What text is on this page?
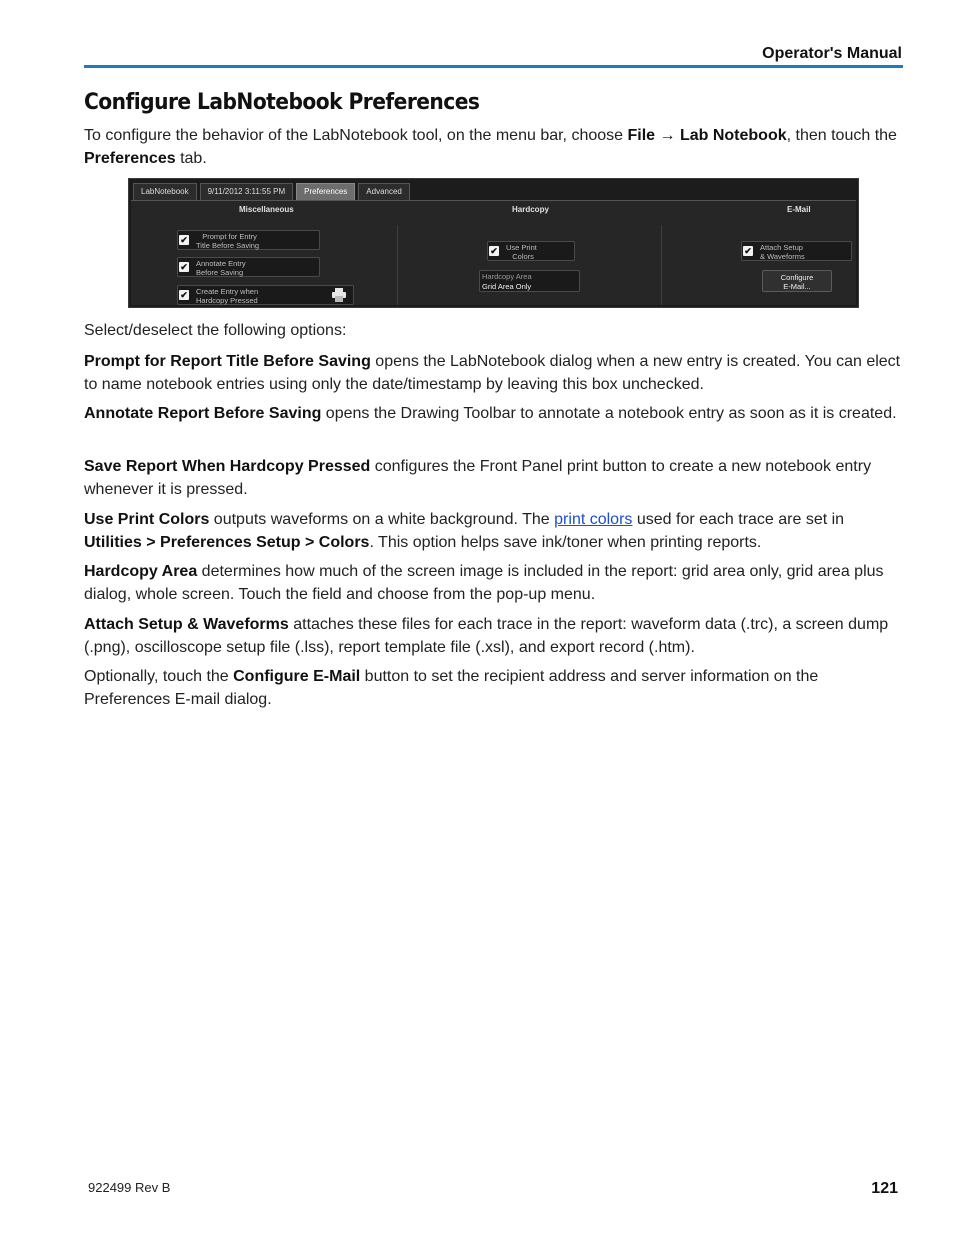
Operator's Manual
Configure LabNotebook Preferences

To configure the behavior of the LabNotebook tool, on the menu bar, choose File → Lab Notebook, then touch the Preferences tab.

LabNotebook	9/11/2012 3:11:55 PM	Preferences	Advanced
Miscellaneous	Hardcopy	E-Mail
✔	Prompt for Entry
Title Before Saving
✔ Annotate Entry
Before Saving
✔ Create Entry when
Hardcopy Pressed
✔ Use Print
Colors
Hardcopy Area
Grid Area Only
✔ Attach Setup
& Waveforms
Configure
E-Mail...

Select/deselect the following options:

Prompt for Report Title Before Saving opens the LabNotebook dialog when a new entry is created. You can elect to name notebook entries using only the date/timestamp by leaving this box unchecked.

Annotate Report Before Saving opens the Drawing Toolbar to annotate a notebook entry as soon as it is created.

Save Report When Hardcopy Pressed configures the Front Panel print button to create a new notebook entry whenever it is pressed.

Use Print Colors outputs waveforms on a white background. The print colors used for each trace are set in Utilities > Preferences Setup > Colors. This option helps save ink/toner when printing reports.

Hardcopy Area determines how much of the screen image is included in the report: grid area only, grid area plus dialog, whole screen. Touch the field and choose from the pop-up menu.

Attach Setup & Waveforms attaches these files for each trace in the report: waveform data (.trc), a screen dump (.png), oscilloscope setup file (.lss), report template file (.xsl), and export record (.htm).

Optionally, touch the Configure E-Mail button to set the recipient address and server information on the Preferences E-mail dialog.

922499 Rev B	121
